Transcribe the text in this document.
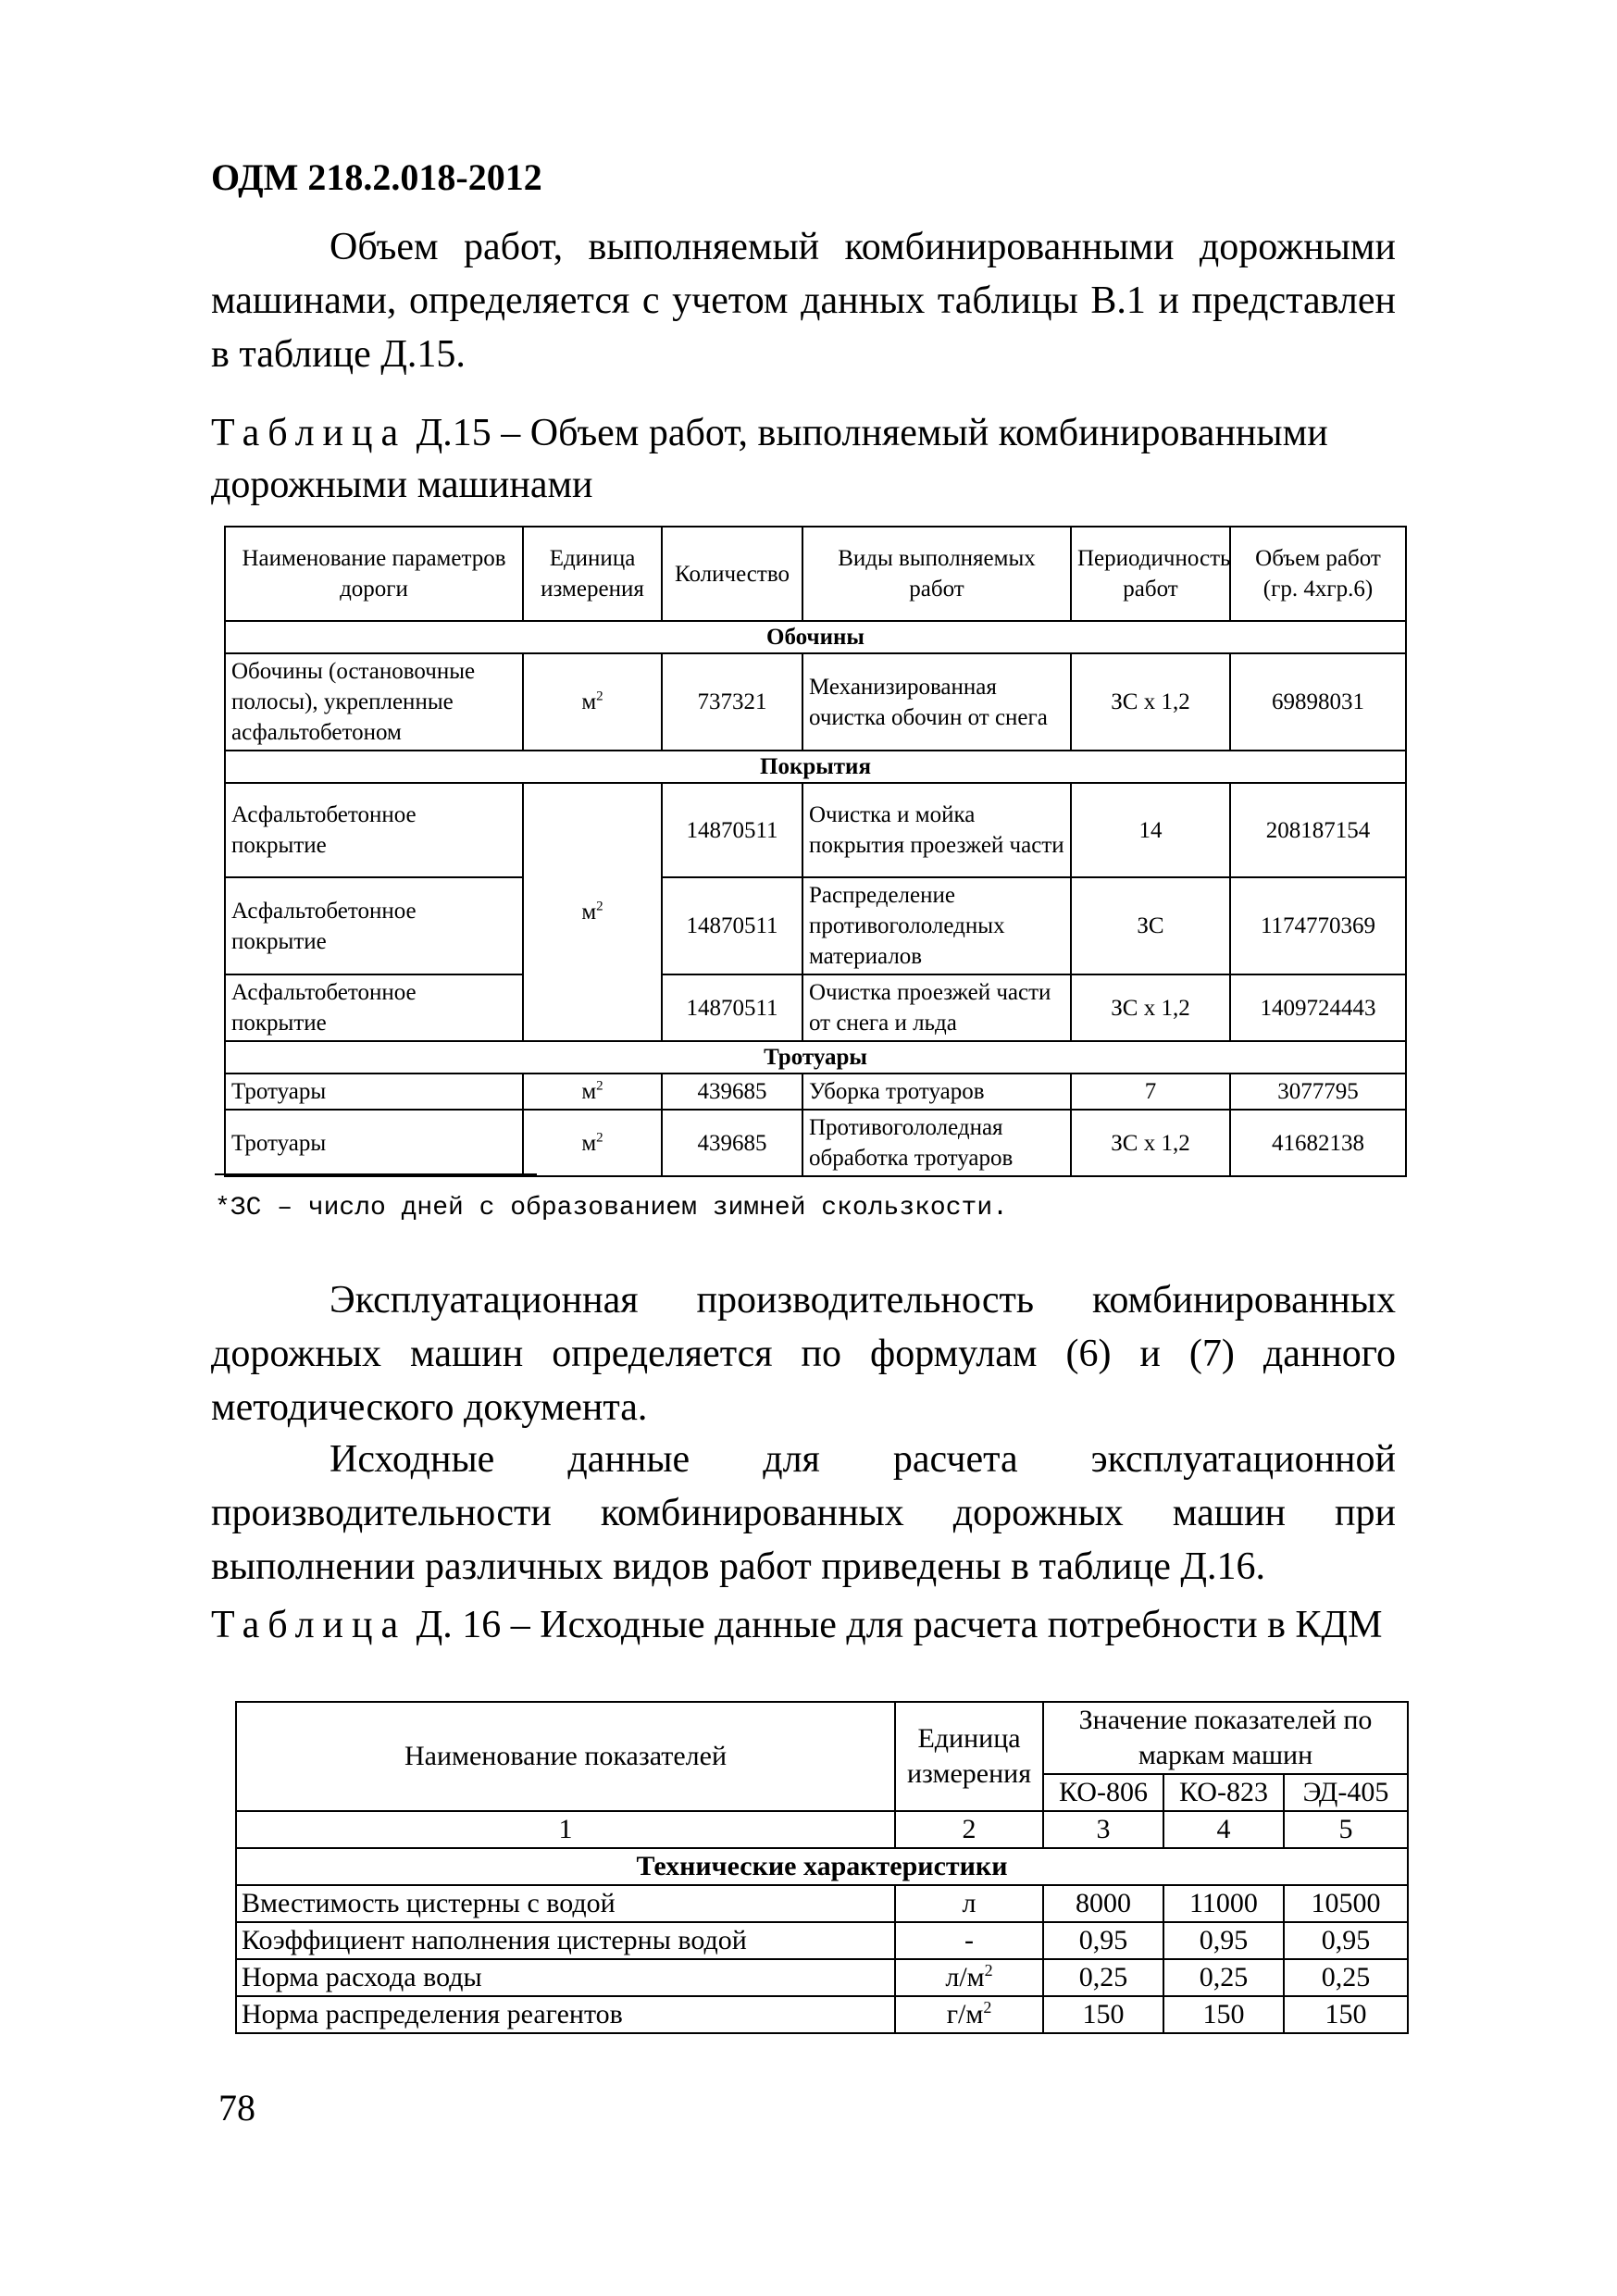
ОДМ 218.2.018-2012
Объем работ, выполняемый комбинированными дорожными машинами, определяется с учетом данных таблицы В.1 и представлен в таблице Д.15.
Таблица Д.15 – Объем работ, выполняемый комбинированными дорожными машинами
Наименование параметров дороги	Единица измерения	Количество	Виды выполняемых работ	Периодичность работ	Объем работ (гр. 4хгр.6)
Обочины					
Обочины (остановочные полосы), укрепленные асфальтобетоном	$м^2$	737321	Механизированная очистка обочин от снега	ЗС х 1,2	69898031
Покрытия					
Асфальтобетонное покрытие	$м^2$	14870511	Очистка и мойка покрытия проезжей части	14	208187154
Асфальтобетонное покрытие		14870511	Распределение противогололедных материалов	ЗС	1174770369
Асфальтобетонное покрытие		14870511	Очистка проезжей части от снега и льда	ЗС х 1,2	1409724443
Тротуары					
Тротуары	$м^2$	439685	Уборка тротуаров	7	3077795
Тротуары	$м^2$	439685	Противогололедная обработка тротуаров	ЗС х 1,2	41682138
*ЗС – число дней с образованием зимней скользкости.
Эксплуатационная производительность комбинированных дорожных машин определяется по формулам (6) и (7) данного методического документа.
Исходные данные для расчета эксплуатационной производительности комбинированных дорожных машин при выполнении различных видов работ приведены в таблице Д.16.
Таблица Д. 16 – Исходные данные для расчета потребности в КДМ
Наименование показателей	Единица измерения	Значение показателей по маркам машин		
		КО-806	КО-823	ЭД-405
1	2	3	4	5
Технические характеристики				
Вместимость цистерны с водой	л	8000	11000	10500
Коэффициент наполнения цистерны водой	-	0,95	0,95	0,95
Норма расхода воды	$л/м^2$	0,25	0,25	0,25
Норма распределения реагентов	$г/м^2$	150	150	150
78
